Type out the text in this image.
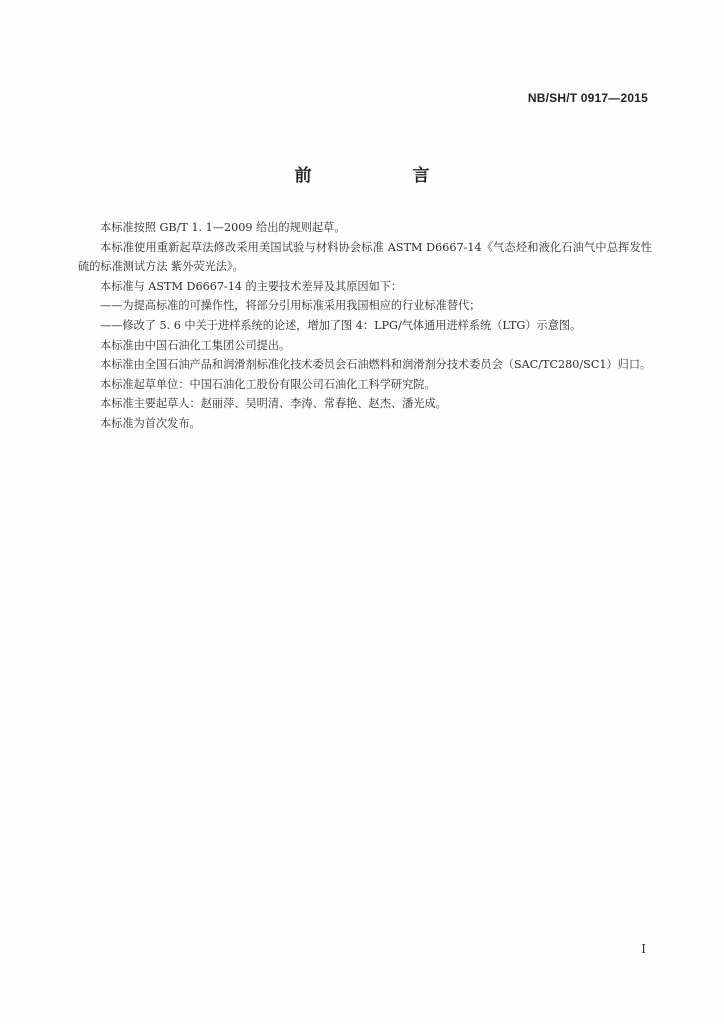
NB/SH/T 0917—2015
前　言

本标准按照 GB/T 1. 1—2009 给出的规则起草。

本标准使用重新起草法修改采用美国试验与材料协会标准 ASTM D6667-14《气态烃和液化石油气中总挥发性硫的标准测试方法 紫外荧光法》。

本标准与 ASTM D6667-14 的主要技术差异及其原因如下：

——为提高标准的可操作性，将部分引用标准采用我国相应的行业标准替代；

——修改了 5. 6 中关于进样系统的论述，增加了图 4：LPG/气体通用进样系统（LTG）示意图。

本标准由中国石油化工集团公司提出。

本标准由全国石油产品和润滑剂标准化技术委员会石油燃料和润滑剂分技术委员会（SAC/TC280/SC1）归口。

本标准起草单位：中国石油化工股份有限公司石油化工科学研究院。

本标准主要起草人：赵丽萍、吴明清、李涛、常春艳、赵杰、潘光成。

本标准为首次发布。

I
